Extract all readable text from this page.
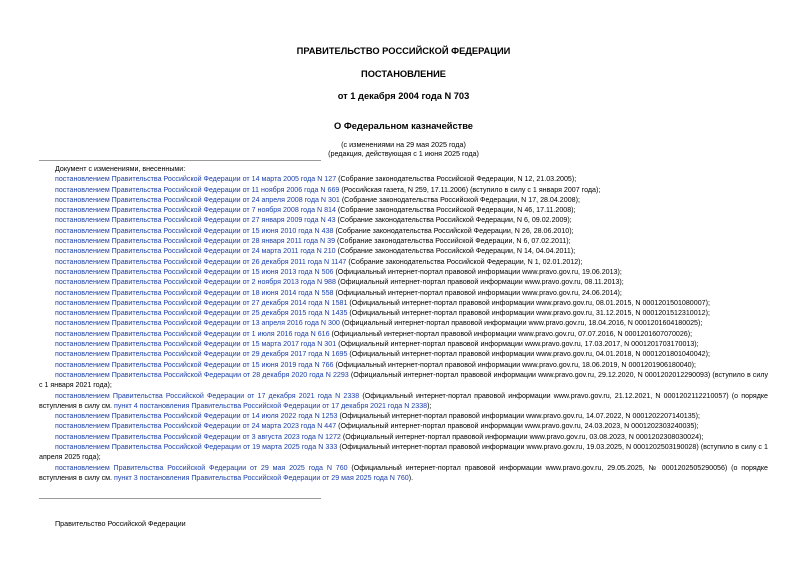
ПРАВИТЕЛЬСТВО РОССИЙСКОЙ ФЕДЕРАЦИИ
ПОСТАНОВЛЕНИЕ
от 1 декабря 2004 года N 703
О Федеральном казначействе
(с изменениями на 29 мая 2025 года)
(редакция, действующая с 1 июня 2025 года)
Документ с изменениями, внесенными:
постановлением Правительства Российской Федерации от 14 марта 2005 года N 127 (Собрание законодательства Российской Федерации, N 12, 21.03.2005);
постановлением Правительства Российской Федерации от 11 ноября 2006 года N 669 (Российская газета, N 259, 17.11.2006) (вступило в силу с 1 января 2007 года);
постановлением Правительства Российской Федерации от 24 апреля 2008 года N 301 (Собрание законодательства Российской Федерации, N 17, 28.04.2008);
постановлением Правительства Российской Федерации от 7 ноября 2008 года N 814 (Собрание законодательства Российской Федерации, N 46, 17.11.2008);
постановлением Правительства Российской Федерации от 27 января 2009 года N 43 (Собрание законодательства Российской Федерации, N 6, 09.02.2009);
постановлением Правительства Российской Федерации от 15 июня 2010 года N 438 (Собрание законодательства Российской Федерации, N 26, 28.06.2010);
постановлением Правительства Российской Федерации от 28 января 2011 года N 39 (Собрание законодательства Российской Федерации, N 6, 07.02.2011);
постановлением Правительства Российской Федерации от 24 марта 2011 года N 210 (Собрание законодательства Российской Федерации, N 14, 04.04.2011);
постановлением Правительства Российской Федерации от 26 декабря 2011 года N 1147 (Собрание законодательства Российской Федерации, N 1, 02.01.2012);
постановлением Правительства Российской Федерации от 15 июня 2013 года N 506 (Официальный интернет-портал правовой информации www.pravo.gov.ru, 19.06.2013);
постановлением Правительства Российской Федерации от 2 ноября 2013 года N 988 (Официальный интернет-портал правовой информации www.pravo.gov.ru, 08.11.2013);
постановлением Правительства Российской Федерации от 18 июня 2014 года N 558 (Официальный интернет-портал правовой информации www.pravo.gov.ru, 24.06.2014);
постановлением Правительства Российской Федерации от 27 декабря 2014 года N 1581 (Официальный интернет-портал правовой информации www.pravo.gov.ru, 08.01.2015, N 0001201501080007);
постановлением Правительства Российской Федерации от 25 декабря 2015 года N 1435 (Официальный интернет-портал правовой информации www.pravo.gov.ru, 31.12.2015, N 0001201512310012);
постановлением Правительства Российской Федерации от 13 апреля 2016 года N 300 (Официальный интернет-портал правовой информации www.pravo.gov.ru, 18.04.2016, N 0001201604180025);
постановлением Правительства Российской Федерации от 1 июля 2016 года N 616 (Официальный интернет-портал правовой информации www.pravo.gov.ru, 07.07.2016, N 0001201607070026);
постановлением Правительства Российской Федерации от 15 марта 2017 года N 301 (Официальный интернет-портал правовой информации www.pravo.gov.ru, 17.03.2017, N 0001201703170013);
постановлением Правительства Российской Федерации от 29 декабря 2017 года N 1695 (Официальный интернет-портал правовой информации www.pravo.gov.ru, 04.01.2018, N 0001201801040042);
постановлением Правительства Российской Федерации от 15 июня 2019 года N 766 (Официальный интернет-портал правовой информации www.pravo.gov.ru, 18.06.2019, N 0001201906180040);
постановлением Правительства Российской Федерации от 28 декабря 2020 года N 2293 (Официальный интернет-портал правовой информации www.pravo.gov.ru, 29.12.2020, N 0001202012290093) (вступило в силу с 1 января 2021 года);
постановлением Правительства Российской Федерации от 17 декабря 2021 года N 2338 (Официальный интернет-портал правовой информации www.pravo.gov.ru, 21.12.2021, N 0001202112210057) (о порядке вступления в силу см. пункт 4 постановления Правительства Российской Федерации от 17 декабря 2021 года N 2338);
постановлением Правительства Российской Федерации от 14 июля 2022 года N 1253 (Официальный интернет-портал правовой информации www.pravo.gov.ru, 14.07.2022, N 0001202207140135);
постановлением Правительства Российской Федерации от 24 марта 2023 года N 447 (Официальный интернет-портал правовой информации www.pravo.gov.ru, 24.03.2023, N 0001202303240035);
постановлением Правительства Российской Федерации от 3 августа 2023 года N 1272 (Официальный интернет-портал правовой информации www.pravo.gov.ru, 03.08.2023, N 0001202308030024);
постановлением Правительства Российской Федерации от 19 марта 2025 года N 333 (Официальный интернет-портал правовой информации www.pravo.gov.ru, 19.03.2025, N 0001202503190028) (вступило в силу с 1 апреля 2025 года);
постановлением Правительства Российской Федерации от 29 мая 2025 года N 760 (Официальный интернет-портал правовой информации www.pravo.gov.ru, 29.05.2025, № 0001202505290056) (о порядке вступления в силу см. пункт 3 постановления Правительства Российской Федерации от 29 мая 2025 года N 760).
Правительство Российской Федерации
